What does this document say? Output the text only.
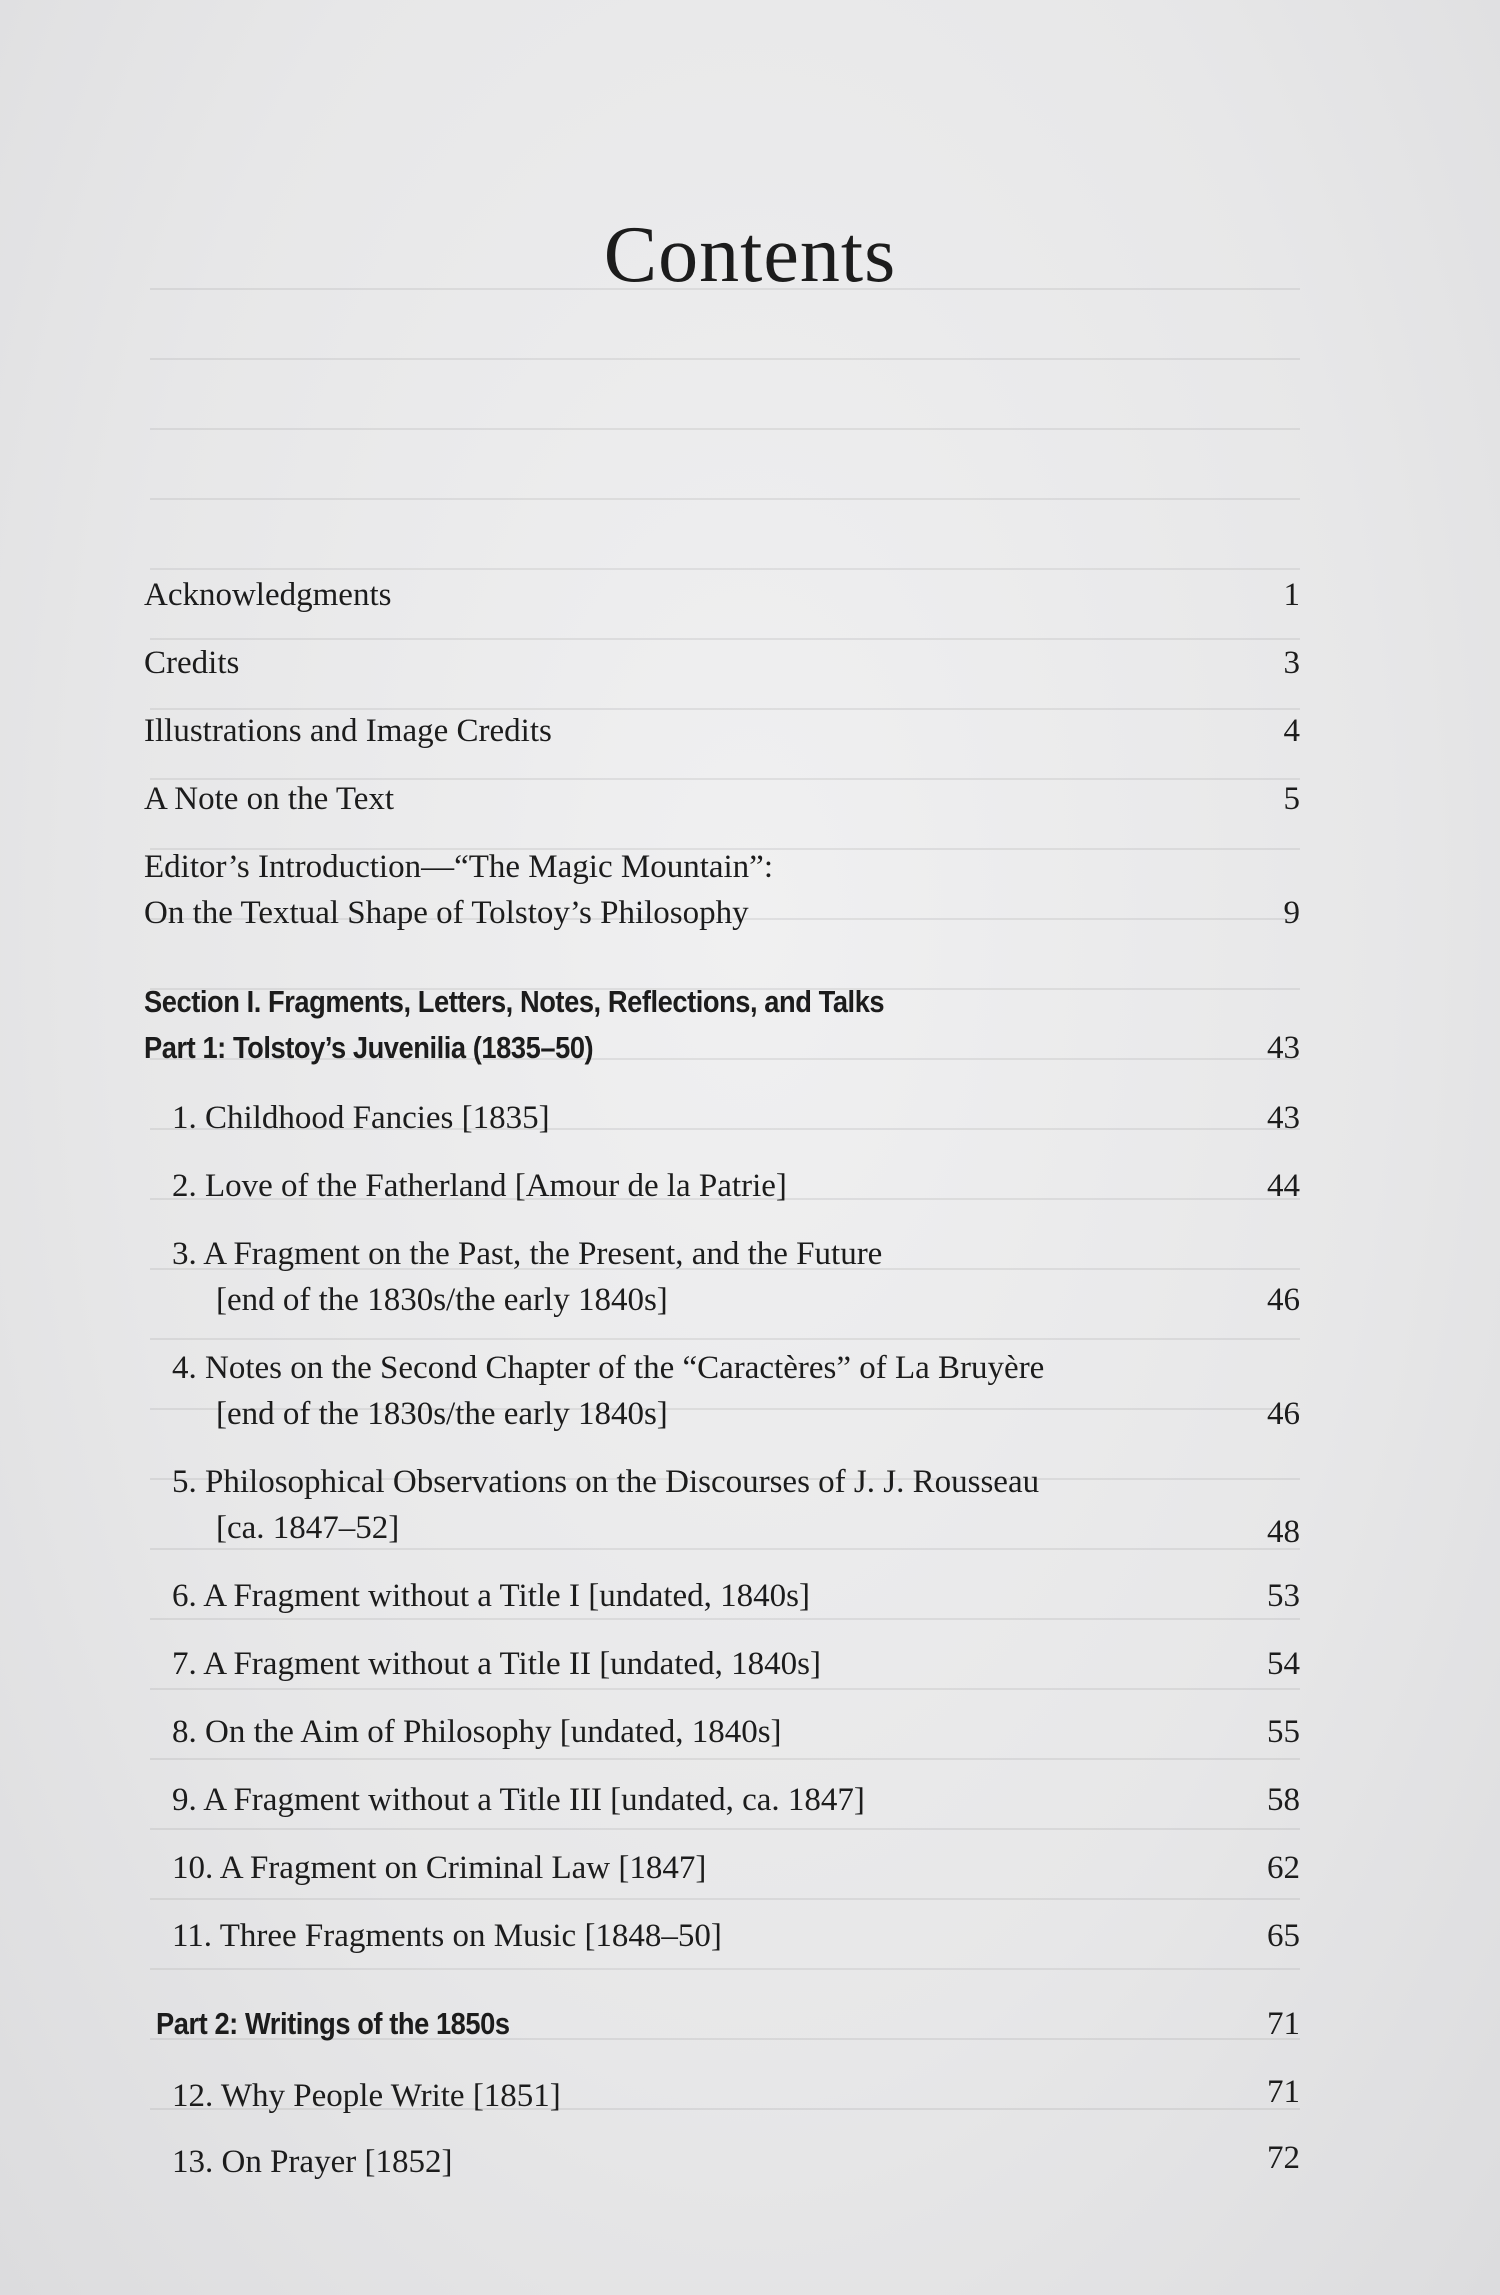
Contents
Acknowledgments	1
Credits	3
Illustrations and Image Credits	4
A Note on the Text	5
Editor’s Introduction—“The Magic Mountain”:
On the Textual Shape of Tolstoy’s Philosophy	9
Section I. Fragments, Letters, Notes, Reflections, and Talks
Part 1: Tolstoy’s Juvenilia (1835–50)	43
1. Childhood Fancies [1835]	43
2. Love of the Fatherland [Amour de la Patrie]	44
3. A Fragment on the Past, the Present, and the Future
[end of the 1830s/the early 1840s]	46
4. Notes on the Second Chapter of the “Caractères” of La Bruyère
[end of the 1830s/the early 1840s]	46
5. Philosophical Observations on the Discourses of J. J. Rousseau
[ca. 1847–52]	48
6. A Fragment without a Title I [undated, 1840s]	53
7. A Fragment without a Title II [undated, 1840s]	54
8. On the Aim of Philosophy [undated, 1840s]	55
9. A Fragment without a Title III [undated, ca. 1847]	58
10. A Fragment on Criminal Law [1847]	62
11. Three Fragments on Music [1848–50]	65
Part 2: Writings of the 1850s	71
12. Why People Write [1851]	71
13. On Prayer [1852]	72
